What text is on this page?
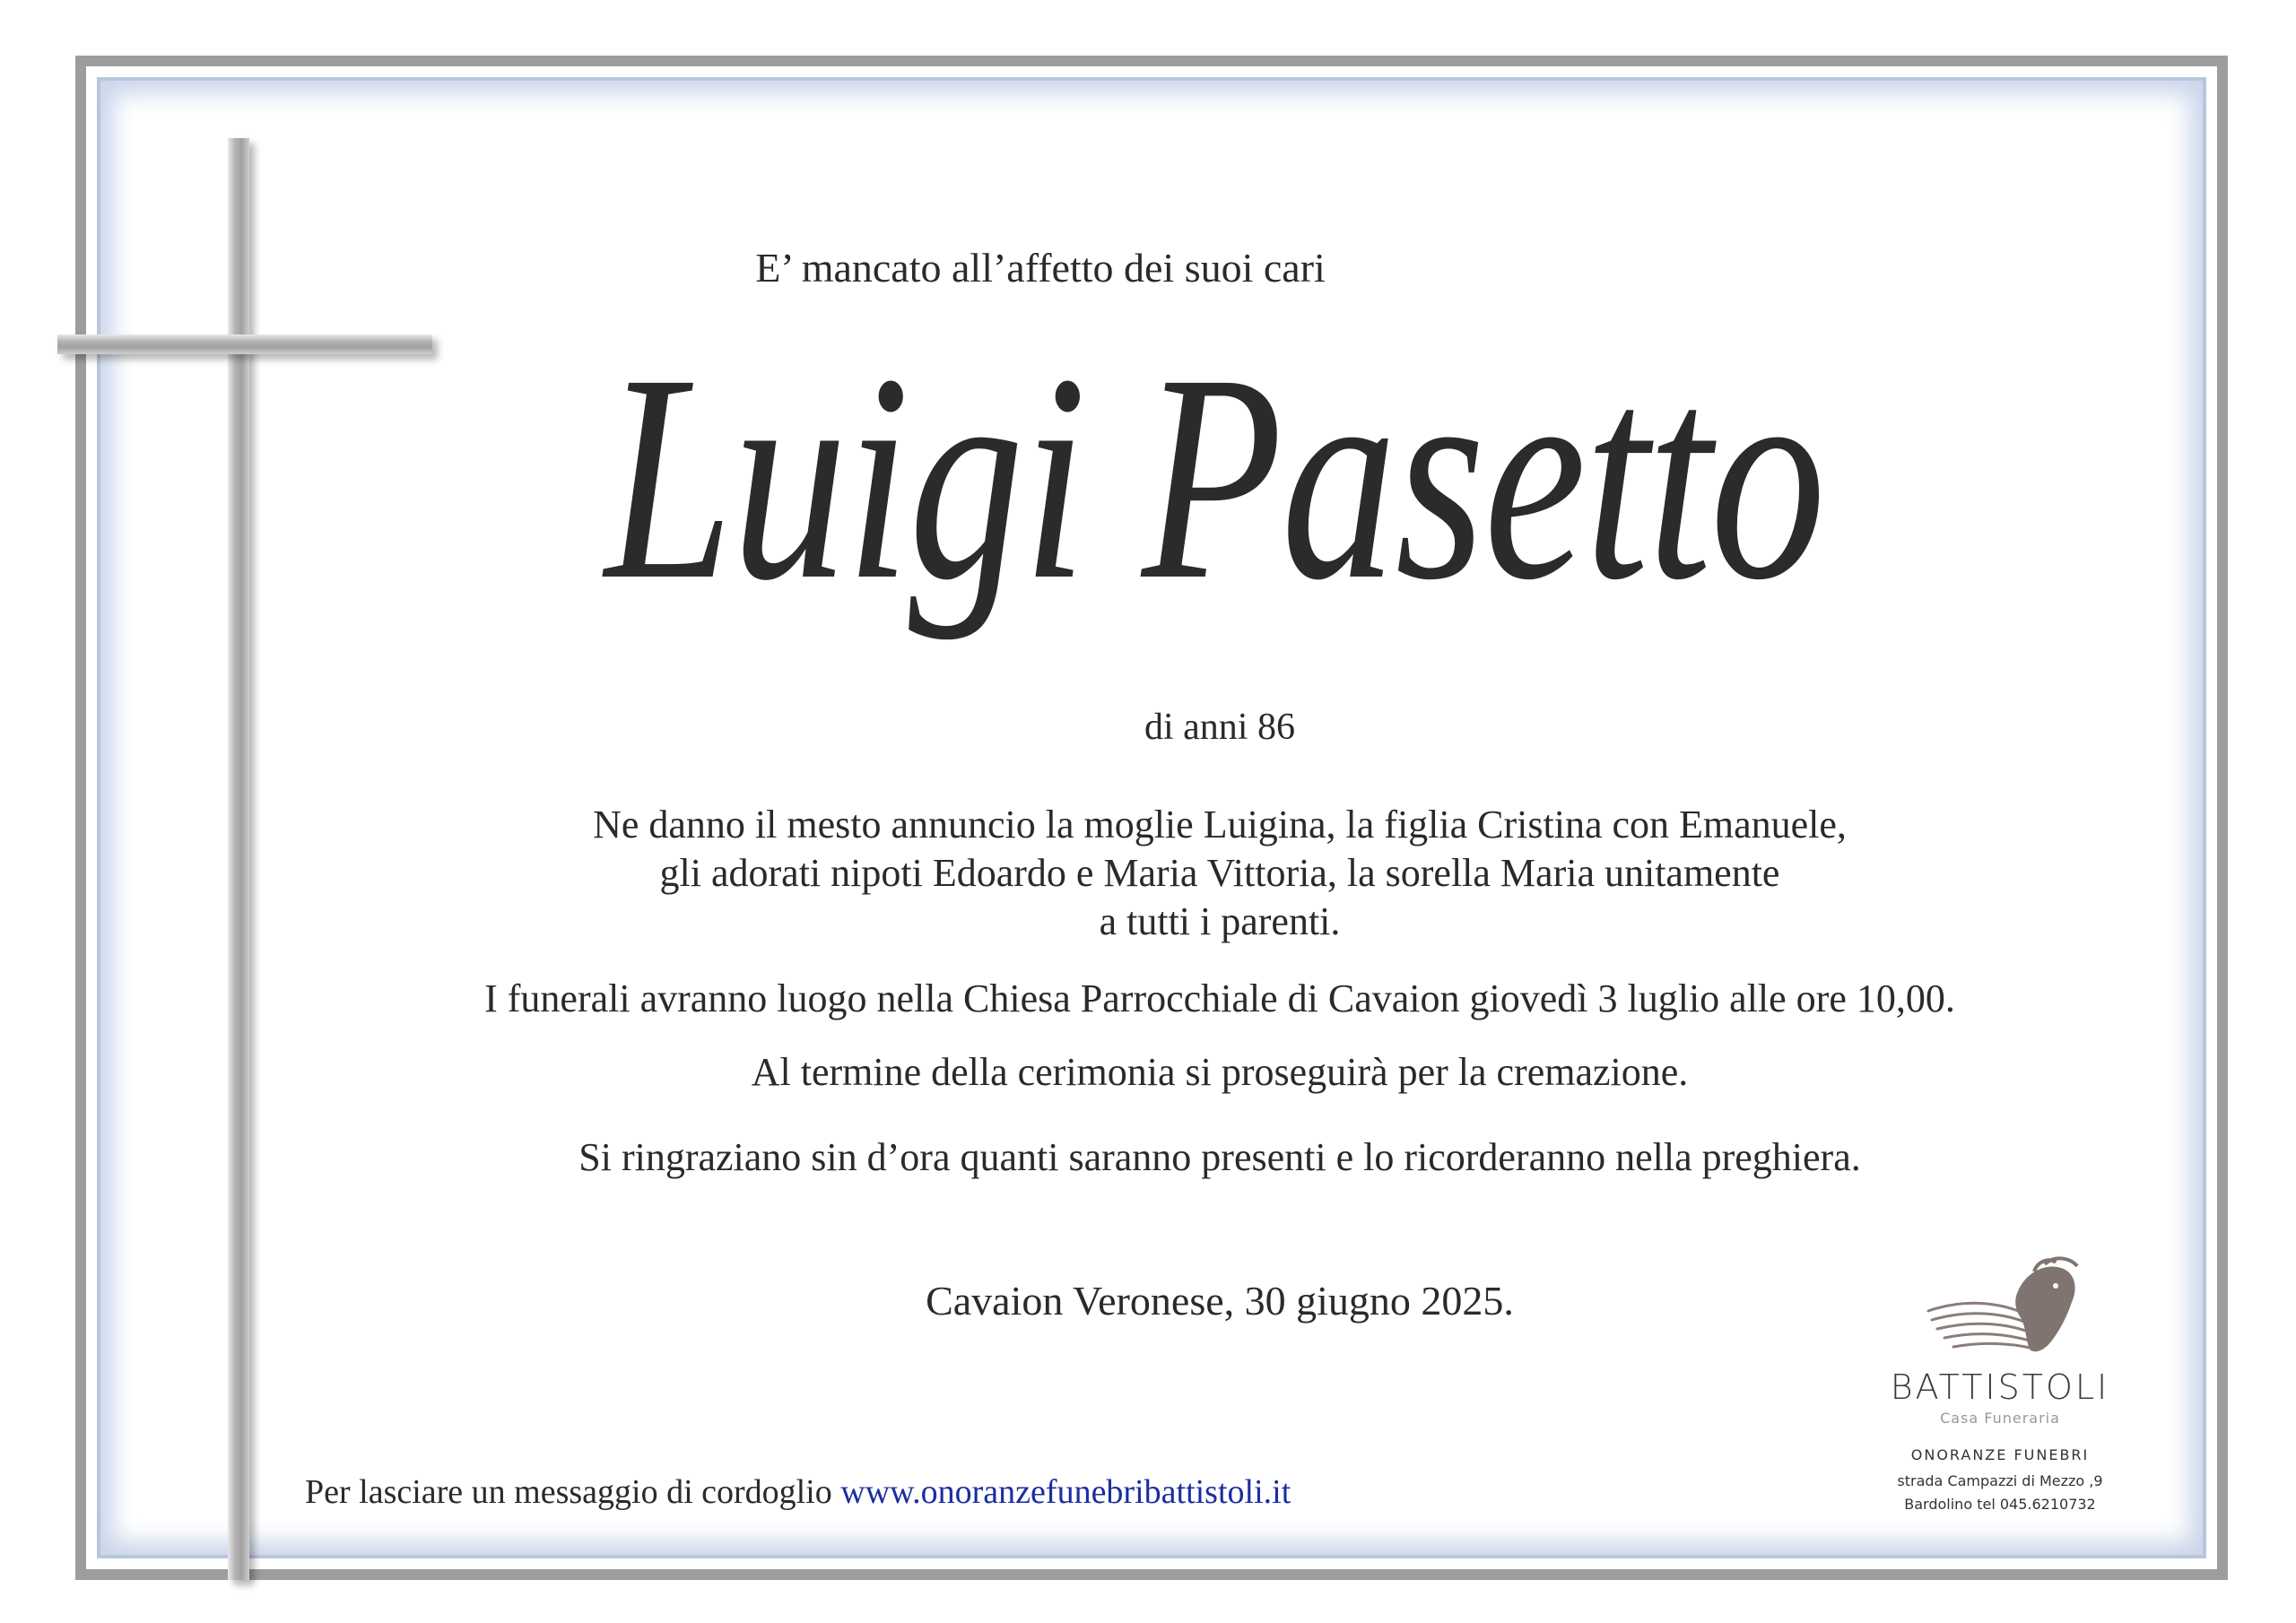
E’ mancato all’affetto dei suoi cari
Luigi Pasetto
di anni 86
Ne danno il mesto annuncio la moglie Luigina, la figlia Cristina con Emanuele,
gli adorati nipoti Edoardo e Maria Vittoria, la sorella Maria unitamente
a tutti i parenti.
I funerali avranno luogo nella Chiesa Parrocchiale di Cavaion giovedì 3 luglio alle ore 10,00.
Al termine della cerimonia si proseguirà per la cremazione.
Si ringraziano sin d’ora quanti saranno presenti e lo ricorderanno nella preghiera.
Cavaion Veronese, 30 giugno 2025.
Per lasciare un messaggio di cordoglio www.onoranzefunebribattistoli.it
BATTISTOLI
Casa Funeraria
ONORANZE FUNEBRI
strada Campazzi di Mezzo ,9
Bardolino tel 045.6210732
